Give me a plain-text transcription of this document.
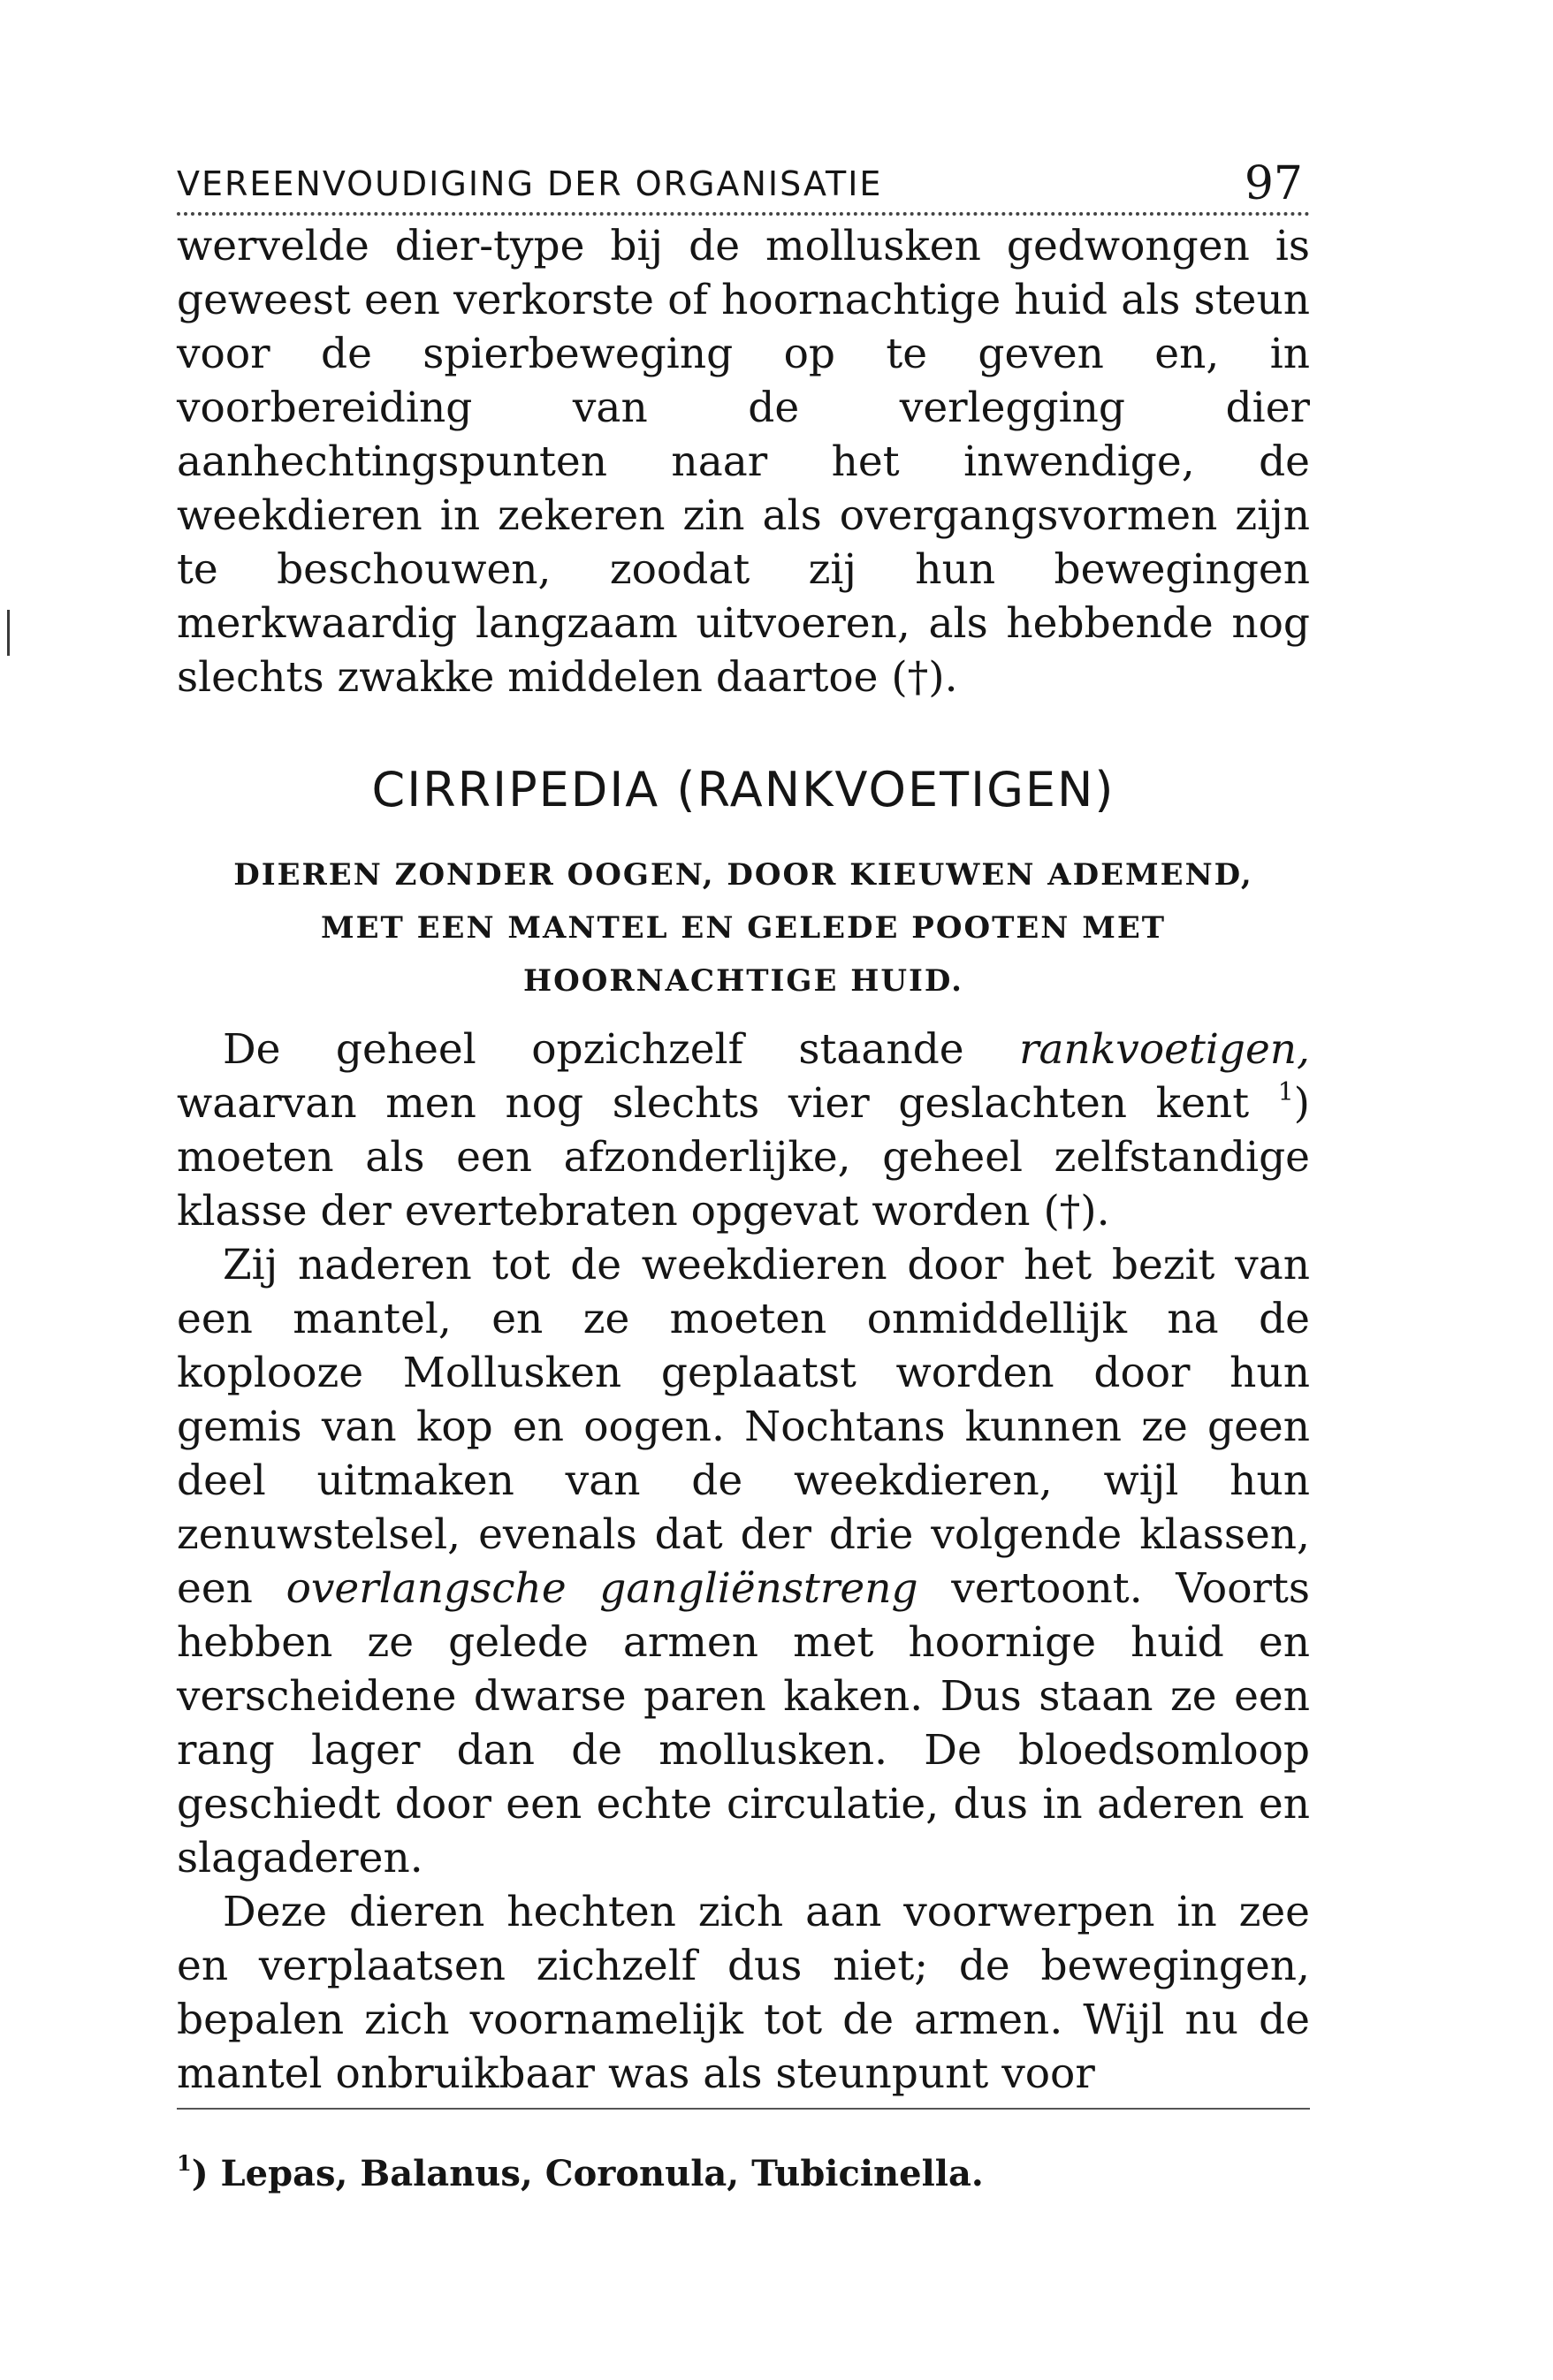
VEREENVOUDIGING DER ORGANISATIE	97

wervelde dier-type bij de mollusken gedwongen is geweest een verkorste of hoornachtige huid als steun voor de spierbeweging op te geven en, in voorbereiding van de verlegging dier aanhechtingspunten naar het inwendige, de weekdieren in zekeren zin als overgangsvormen zijn te beschouwen, zoodat zij hun bewegingen merkwaardig langzaam uitvoeren, als hebbende nog slechts zwakke middelen daartoe (†).

CIRRIPEDIA (RANKVOETIGEN)
DIEREN ZONDER OOGEN, DOOR KIEUWEN ADEMEND,
MET EEN MANTEL EN GELEDE POOTEN MET
HOORNACHTIGE HUID.

De geheel opzichzelf staande rankvoetigen, waarvan men nog slechts vier geslachten kent $^1$) moeten als een afzonderlijke, geheel zelfstandige klasse der evertebraten opgevat worden (†).

Zij naderen tot de weekdieren door het bezit van een mantel, en ze moeten onmiddellijk na de koplooze Mollusken geplaatst worden door hun gemis van kop en oogen. Nochtans kunnen ze geen deel uitmaken van de weekdieren, wijl hun zenuwstelsel, evenals dat der drie volgende klassen, een overlangsche gangliënstreng vertoont. Voorts hebben ze gelede armen met hoornige huid en verscheidene dwarse paren kaken. Dus staan ze een rang lager dan de mollusken. De bloedsomloop geschiedt door een echte circulatie, dus in aderen en slagaderen.

Deze dieren hechten zich aan voorwerpen in zee en verplaatsen zichzelf dus niet; de bewegingen, bepalen zich voornamelijk tot de armen. Wijl nu de mantel onbruikbaar was als steunpunt voor

$^1$) Lepas, Balanus, Coronula, Tubicinella.
